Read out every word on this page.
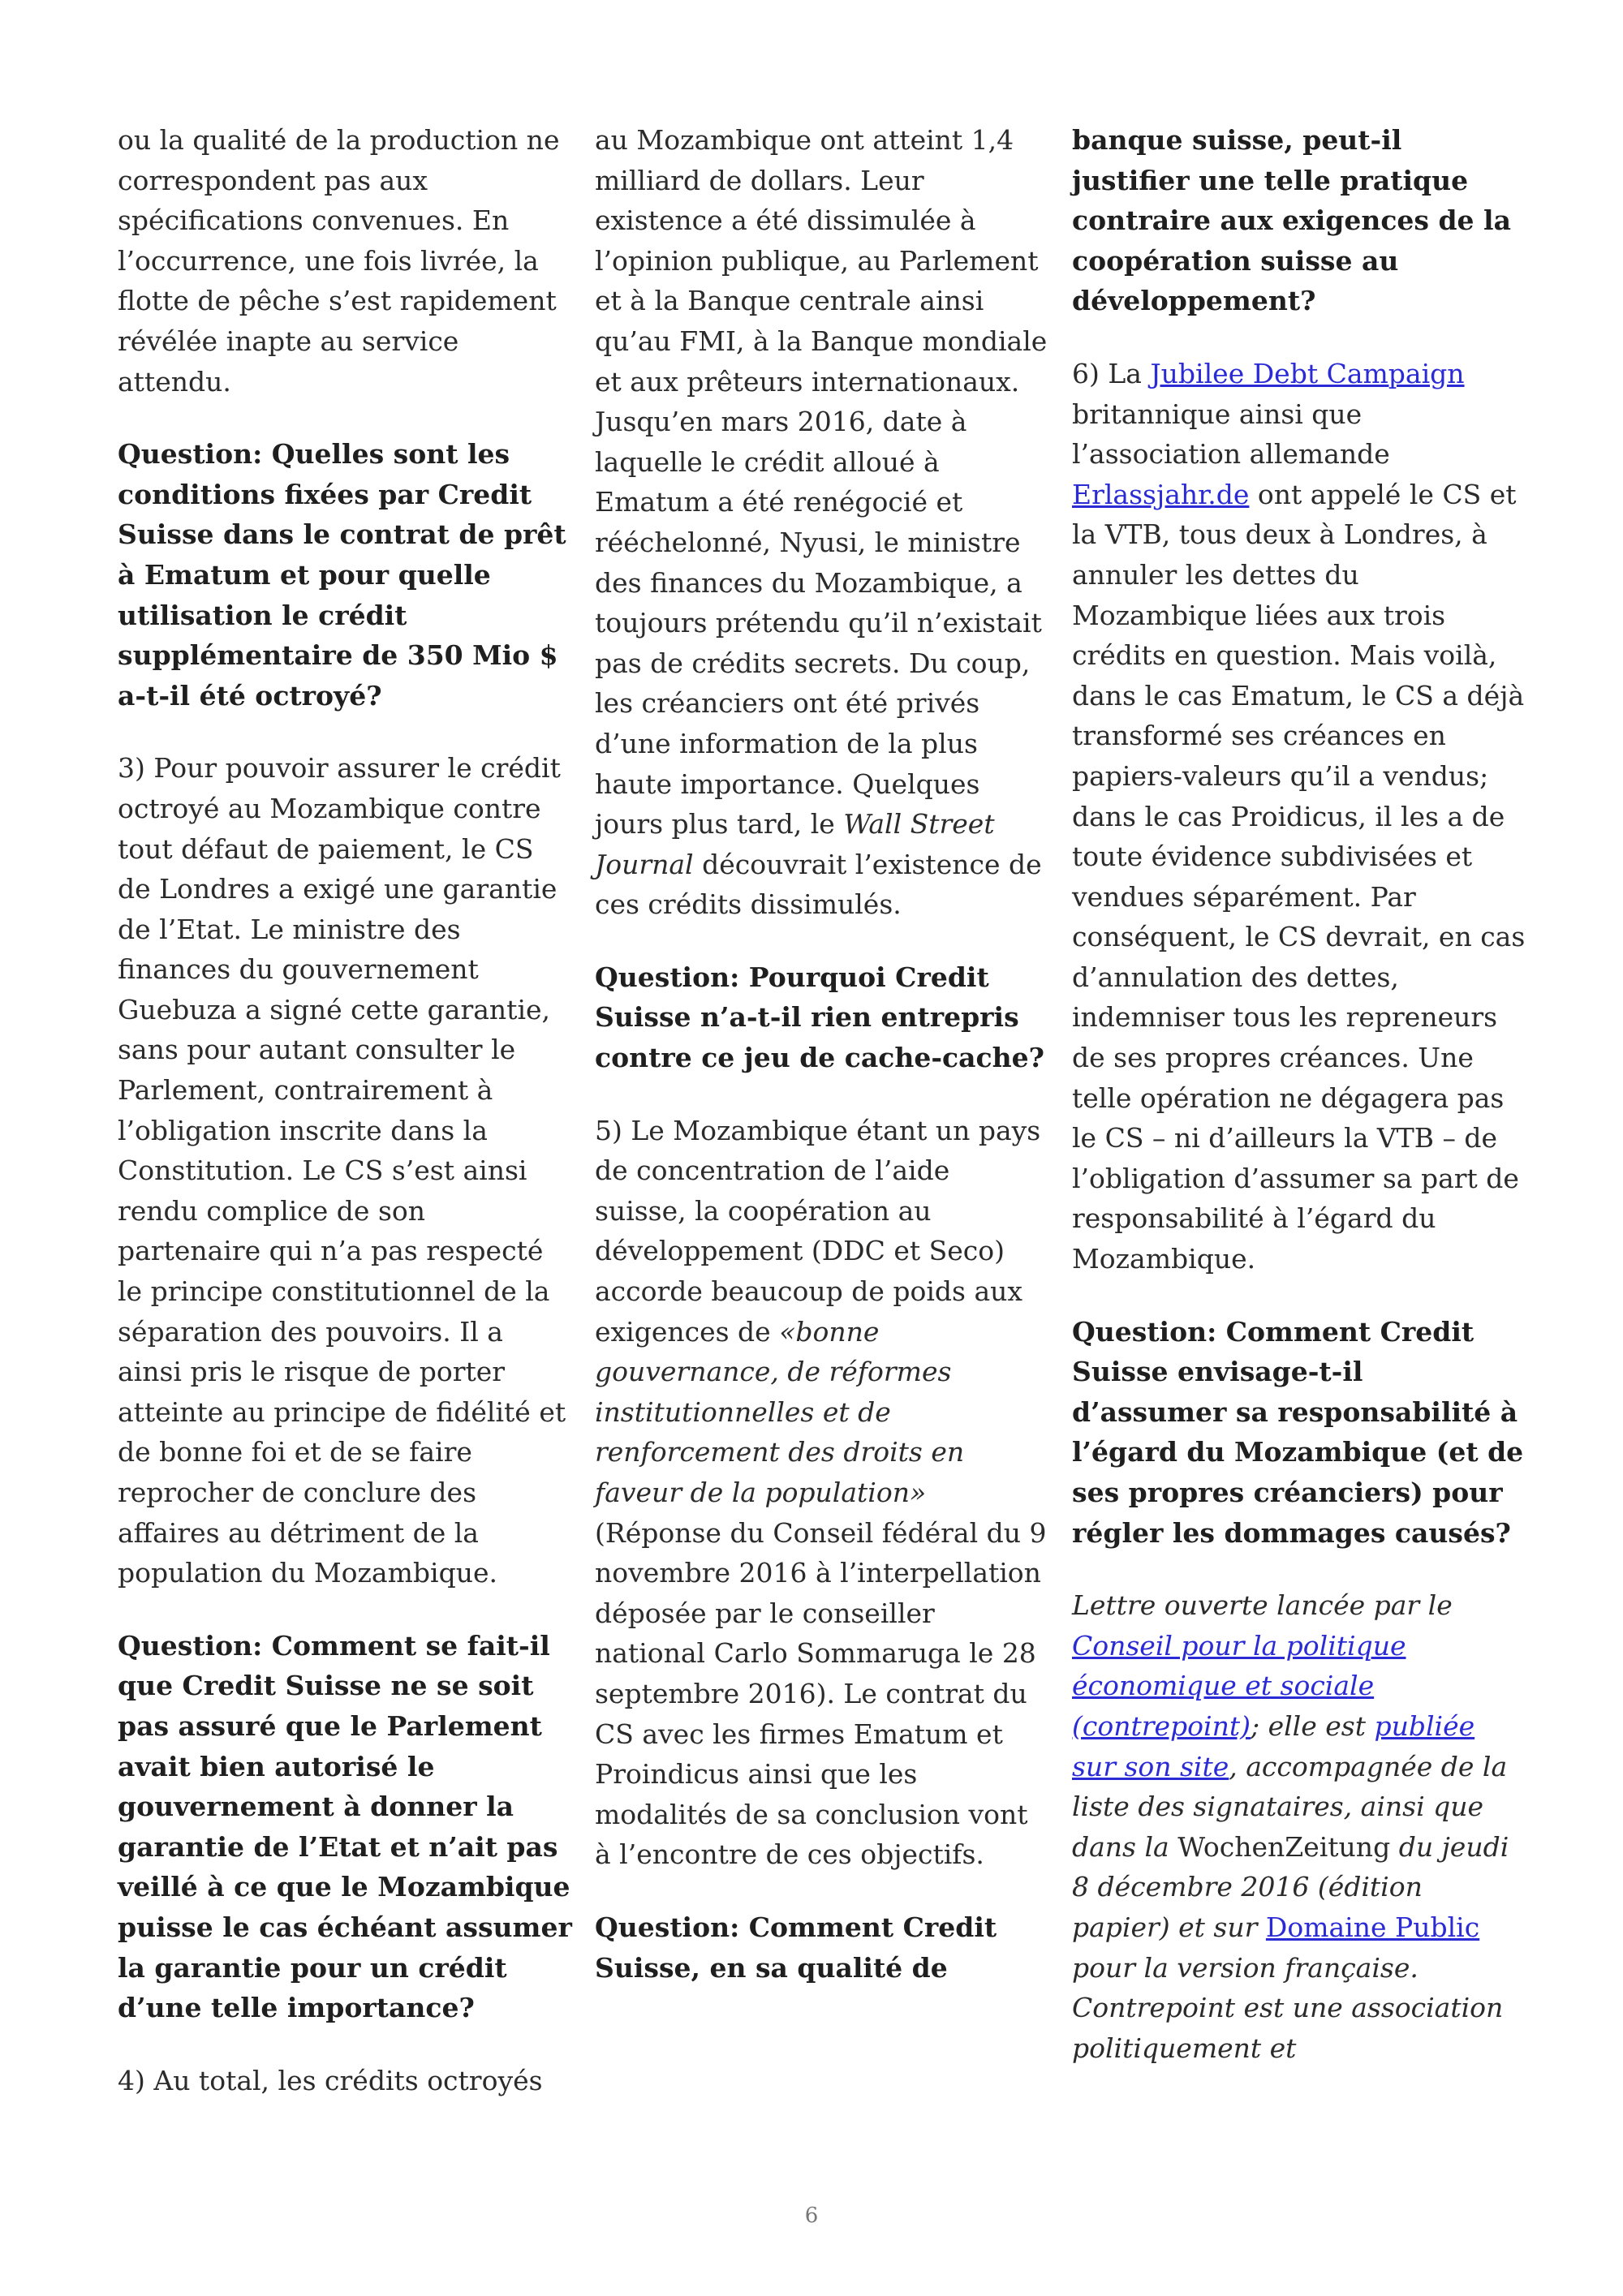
ou la qualité de la production ne correspondent pas aux spécifications convenues. En l’occurrence, une fois livrée, la flotte de pêche s’est rapidement révélée inapte au service attendu.

Question: Quelles sont les conditions fixées par Credit Suisse dans le contrat de prêt à Ematum et pour quelle utilisation le crédit supplémentaire de 350 Mio $ a-t-il été octroyé?

3) Pour pouvoir assurer le crédit octroyé au Mozambique contre tout défaut de paiement, le CS de Londres a exigé une garantie de l’Etat. Le ministre des finances du gouvernement Guebuza a signé cette garantie, sans pour autant consulter le Parlement, contrairement à l’obligation inscrite dans la Constitution. Le CS s’est ainsi rendu complice de son partenaire qui n’a pas respecté le principe constitutionnel de la séparation des pouvoirs. Il a ainsi pris le risque de porter atteinte au principe de fidélité et de bonne foi et de se faire reprocher de conclure des affaires au détriment de la population du Mozambique.

Question: Comment se fait-il que Credit Suisse ne se soit pas assuré que le Parlement avait bien autorisé le gouvernement à donner la garantie de l’Etat et n’ait pas veillé à ce que le Mozambique puisse le cas échéant assumer la garantie pour un crédit d’une telle importance?

4) Au total, les crédits octroyés

au Mozambique ont atteint 1,4 milliard de dollars. Leur existence a été dissimulée à l’opinion publique, au Parlement et à la Banque centrale ainsi qu’au FMI, à la Banque mondiale et aux prêteurs internationaux. Jusqu’en mars 2016, date à laquelle le crédit alloué à Ematum a été renégocié et rééchelonné, Nyusi, le ministre des finances du Mozambique, a toujours prétendu qu’il n’existait pas de crédits secrets. Du coup, les créanciers ont été privés d’une information de la plus haute importance. Quelques jours plus tard, le Wall Street Journal découvrait l’existence de ces crédits dissimulés.

Question: Pourquoi Credit Suisse n’a-t-il rien entrepris contre ce jeu de cache-cache?

5) Le Mozambique étant un pays de concentration de l’aide suisse, la coopération au développement (DDC et Seco) accorde beaucoup de poids aux exigences de «bonne gouvernance, de réformes institutionnelles et de renforcement des droits en faveur de la population» (Réponse du Conseil fédéral du 9 novembre 2016 à l’interpellation déposée par le conseiller national Carlo Sommaruga le 28 septembre 2016). Le contrat du CS avec les firmes Ematum et Proindicus ainsi que les modalités de sa conclusion vont à l’encontre de ces objectifs.

Question: Comment Credit Suisse, en sa qualité de

banque suisse, peut-il justifier une telle pratique contraire aux exigences de la coopération suisse au développement?

6) La Jubilee Debt Campaign britannique ainsi que l’association allemande Erlassjahr.de ont appelé le CS et la VTB, tous deux à Londres, à annuler les dettes du Mozambique liées aux trois crédits en question. Mais voilà, dans le cas Ematum, le CS a déjà transformé ses créances en papiers-valeurs qu’il a vendus; dans le cas Proidicus, il les a de toute évidence subdivisées et vendues séparément. Par conséquent, le CS devrait, en cas d’annulation des dettes, indemniser tous les repreneurs de ses propres créances. Une telle opération ne dégagera pas le CS – ni d’ailleurs la VTB – de l’obligation d’assumer sa part de responsabilité à l’égard du Mozambique.

Question: Comment Credit Suisse envisage-t-il d’assumer sa responsabilité à l’égard du Mozambique (et de ses propres créanciers) pour régler les dommages causés?

Lettre ouverte lancée par le Conseil pour la politique économique et sociale (contrepoint); elle est publiée sur son site, accompagnée de la liste des signataires, ainsi que dans la WochenZeitung du jeudi 8 décembre 2016 (édition papier) et sur Domaine Public pour la version française. Contrepoint est une association politiquement et

6
